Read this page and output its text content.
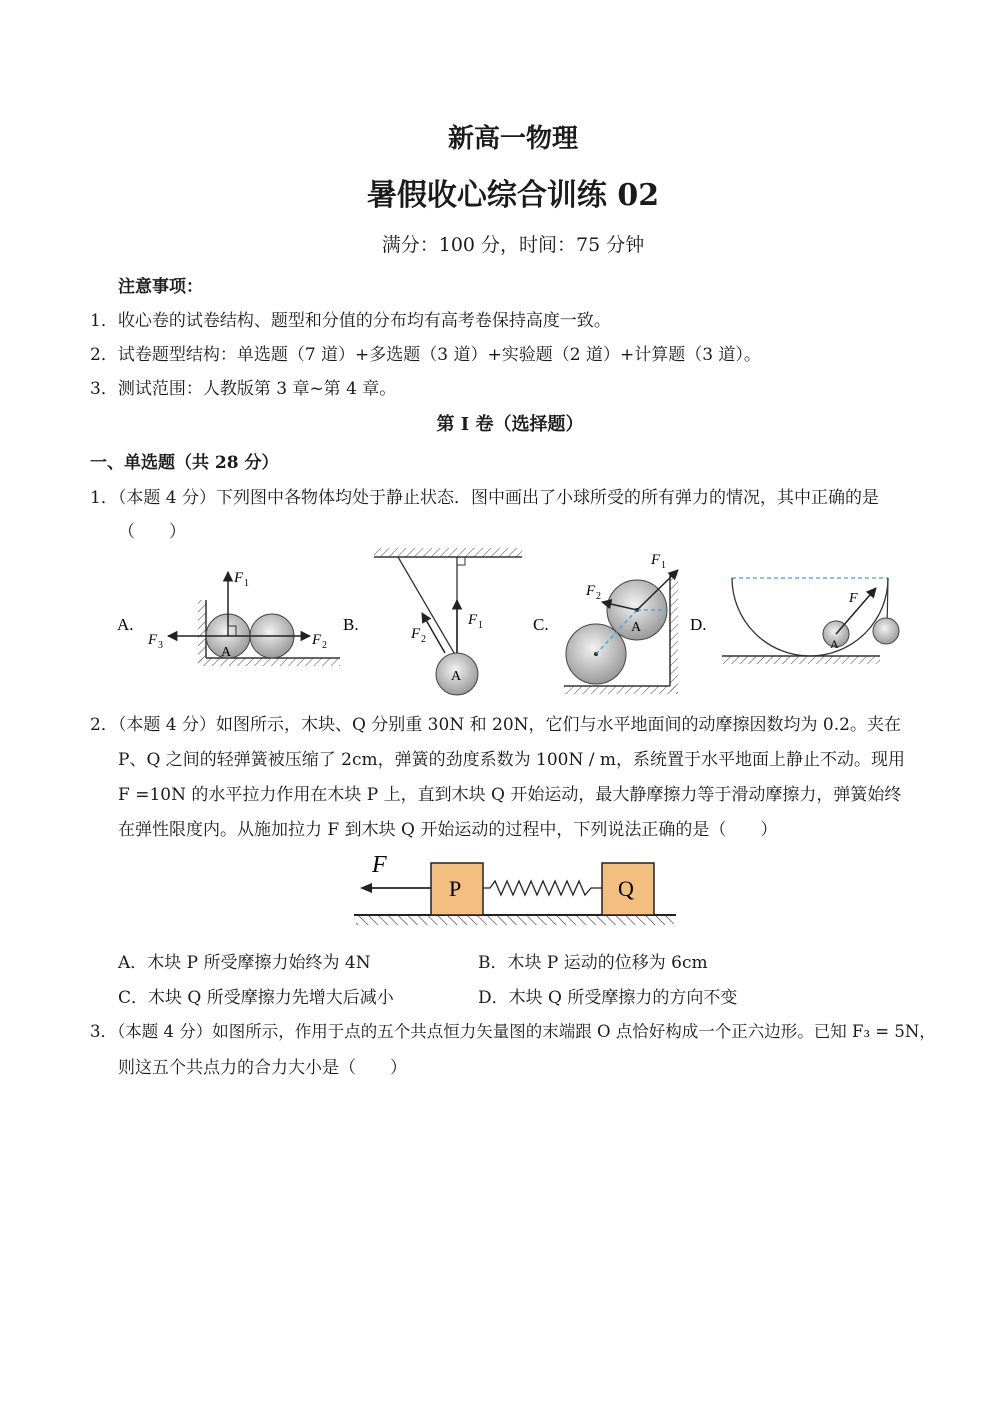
新高一物理
暑假收心综合训练 02
满分：100 分，时间：75 分钟
注意事项：
1．收心卷的试卷结构、题型和分值的分布均有高考卷保持高度一致。
2．试卷题型结构：单选题（7 道）+多选题（3 道）+实验题（2 道）+计算题（3 道）。
3．测试范围：人教版第 3 章~第 4 章。
第 I 卷（选择题）
一、单选题（共 28 分）
1．（本题 4 分）下列图中各物体均处于静止状态．图中画出了小球所受的所有弹力的情况，其中正确的是
（　　）
A.
A
F 1
F 3	F 2
B.
A
F 1
F 2
C.	A
F 1
F 2
D.
F
A
2．（本题 4 分）如图所示，木块、Q 分别重 30N 和 20N，它们与水平地面间的动摩擦因数均为 0.2。夹在
P、Q 之间的轻弹簧被压缩了 2cm，弹簧的劲度系数为 100N / m，系统置于水平地面上静止不动。现用
F =10N 的水平拉力作用在木块 P 上，直到木块 Q 开始运动，最大静摩擦力等于滑动摩擦力，弹簧始终
在弹性限度内。从施加拉力 F 到木块 Q 开始运动的过程中，下列说法正确的是（　　）
F
P	Q
A．木块 P 所受摩擦力始终为 4N	B．木块 P 运动的位移为 6cm
C．木块 Q 所受摩擦力先增大后减小	D．木块 Q 所受摩擦力的方向不变
3．（本题 4 分）如图所示，作用于点的五个共点恒力矢量图的末端跟 O 点恰好构成一个正六边形。已知 F₃ = 5N，
则这五个共点力的合力大小是（　　）
